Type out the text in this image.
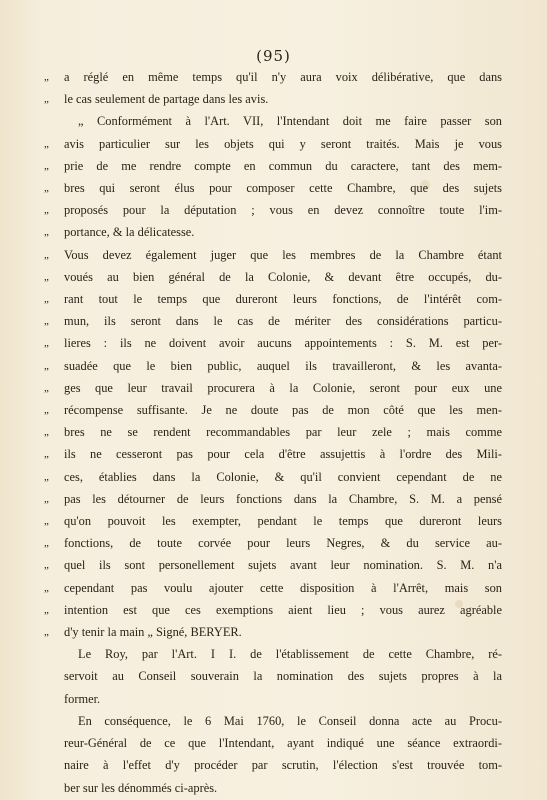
(95)
„	a réglé en même temps qu'il n'y aura voix délibérative, que dans
„	le cas seulement de partage dans les avis.
„ Conformément à l'Art. VII, l'Intendant doit me faire passer son
„	avis particulier sur les objets qui y seront traités. Mais je vous
„	prie de me rendre compte en commun du caractere, tant des mem-
„	bres qui seront élus pour composer cette Chambre, que des sujets
„	proposés pour la députation ; vous en devez connoître toute l'im-
„	portance, & la délicatesse.
„	Vous devez également juger que les membres de la Chambre étant
„	voués au bien général de la Colonie, & devant être occupés, du-
„	rant tout le temps que dureront leurs fonctions, de l'intérêt com-
„	mun, ils seront dans le cas de mériter des considérations particu-
„	lieres : ils ne doivent avoir aucuns appointements : S. M. est per-
„	suadée que le bien public, auquel ils travailleront, & les avanta-
„	ges que leur travail procurera à la Colonie, seront pour eux une
„	récompense suffisante. Je ne doute pas de mon côté que les men-
„	bres ne se rendent recommandables par leur zele ; mais comme
„	ils ne cesseront pas pour cela d'être assujettis à l'ordre des Mili-
„	ces, établies dans la Colonie, & qu'il convient cependant de ne
„	pas les détourner de leurs fonctions dans la Chambre, S. M. a pensé
„	qu'on pouvoit les exempter, pendant le temps que dureront leurs
„	fonctions, de toute corvée pour leurs Negres, & du service au-
„	quel ils sont personellement sujets avant leur nomination. S. M. n'a
„	cependant pas voulu ajouter cette disposition à l'Arrêt, mais son
„	intention est que ces exemptions aient lieu ; vous aurez agréable
„	d'y tenir la main „ Signé, BERYER.
Le Roy, par l'Art. I I. de l'établissement de cette Chambre, ré-
servoit au Conseil souverain la nomination des sujets propres à la
former.
En conséquence, le 6 Mai 1760, le Conseil donna acte au Procu-
reur-Général de ce que l'Intendant, ayant indiqué une séance extraordi-
naire à l'effet d'y procéder par scrutin, l'élection s'est trouvée tom-
ber sur les dénommés ci-après.
